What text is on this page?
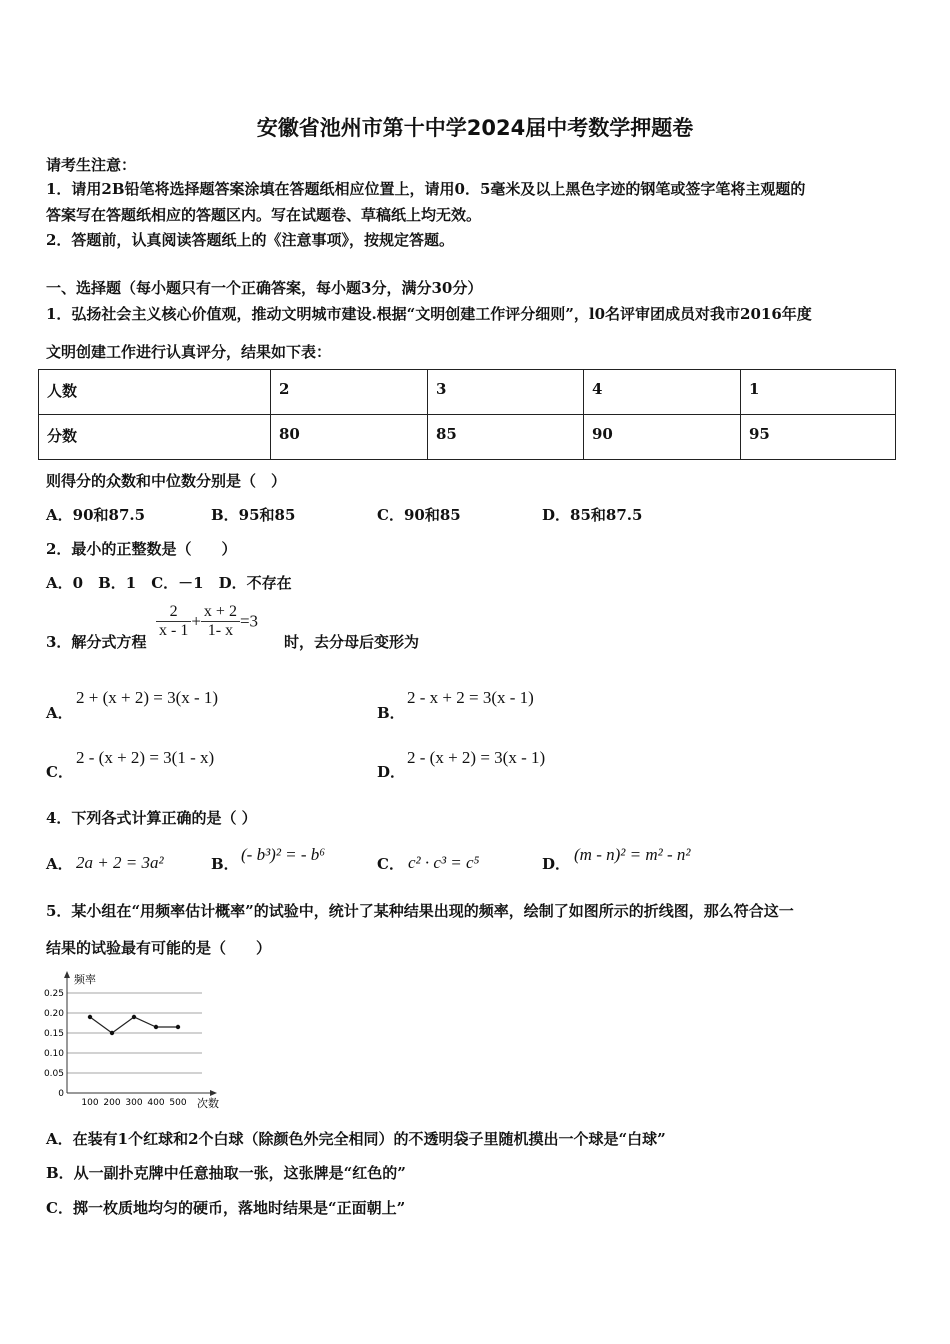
安徽省池州市第十中学2024届中考数学押题卷
请考生注意：
1．请用2B铅笔将选择题答案涂填在答题纸相应位置上，请用0．5毫米及以上黑色字迹的钢笔或签字笔将主观题的
答案写在答题纸相应的答题区内。写在试题卷、草稿纸上均无效。
2．答题前，认真阅读答题纸上的《注意事项》，按规定答题。
一、选择题（每小题只有一个正确答案，每小题3分，满分30分）
1．弘扬社会主义核心价值观，推动文明城市建设.根据“文明创建工作评分细则”，l0名评审团成员对我市2016年度
文明创建工作进行认真评分，结果如下表：
人数	2	3	4	1
分数	80	85	90	95
则得分的众数和中位数分别是（　）
A．90和87.5	B．95和85	C．90和85	D．85和87.5
2．最小的正整数是（　　）
A．0　B．1　C．－1　D．不存在
3．解分式方程
$\frac{2}{x - 1} + \frac{x + 2}{1- x} =3$
时，去分母后变形为
A．
2 + (x + 2) = 3(x - 1)
B．
2 - x + 2 = 3(x - 1)
C．
2 - (x + 2) = 3(1 - x)
D．
2 - (x + 2) = 3(x - 1)
4．下列各式计算正确的是（ ）
A． 2a + 2 = 3a²	B． (- b³)² = - b⁶	C． c² · c³ = c⁵	D． (m - n)² = m² - n²
5．某小组在“用频率估计概率”的试验中，统计了某种结果出现的频率，绘制了如图所示的折线图，那么符合这一
结果的试验最有可能的是（　　）
频率
次数
0
0.05
0.10
0.15
0.20
0.25
100 200 300 400 500
A．在装有1个红球和2个白球（除颜色外完全相同）的不透明袋子里随机摸出一个球是“白球”
B．从一副扑克牌中任意抽取一张，这张牌是“红色的”
C．掷一枚质地均匀的硬币，落地时结果是“正面朝上”
